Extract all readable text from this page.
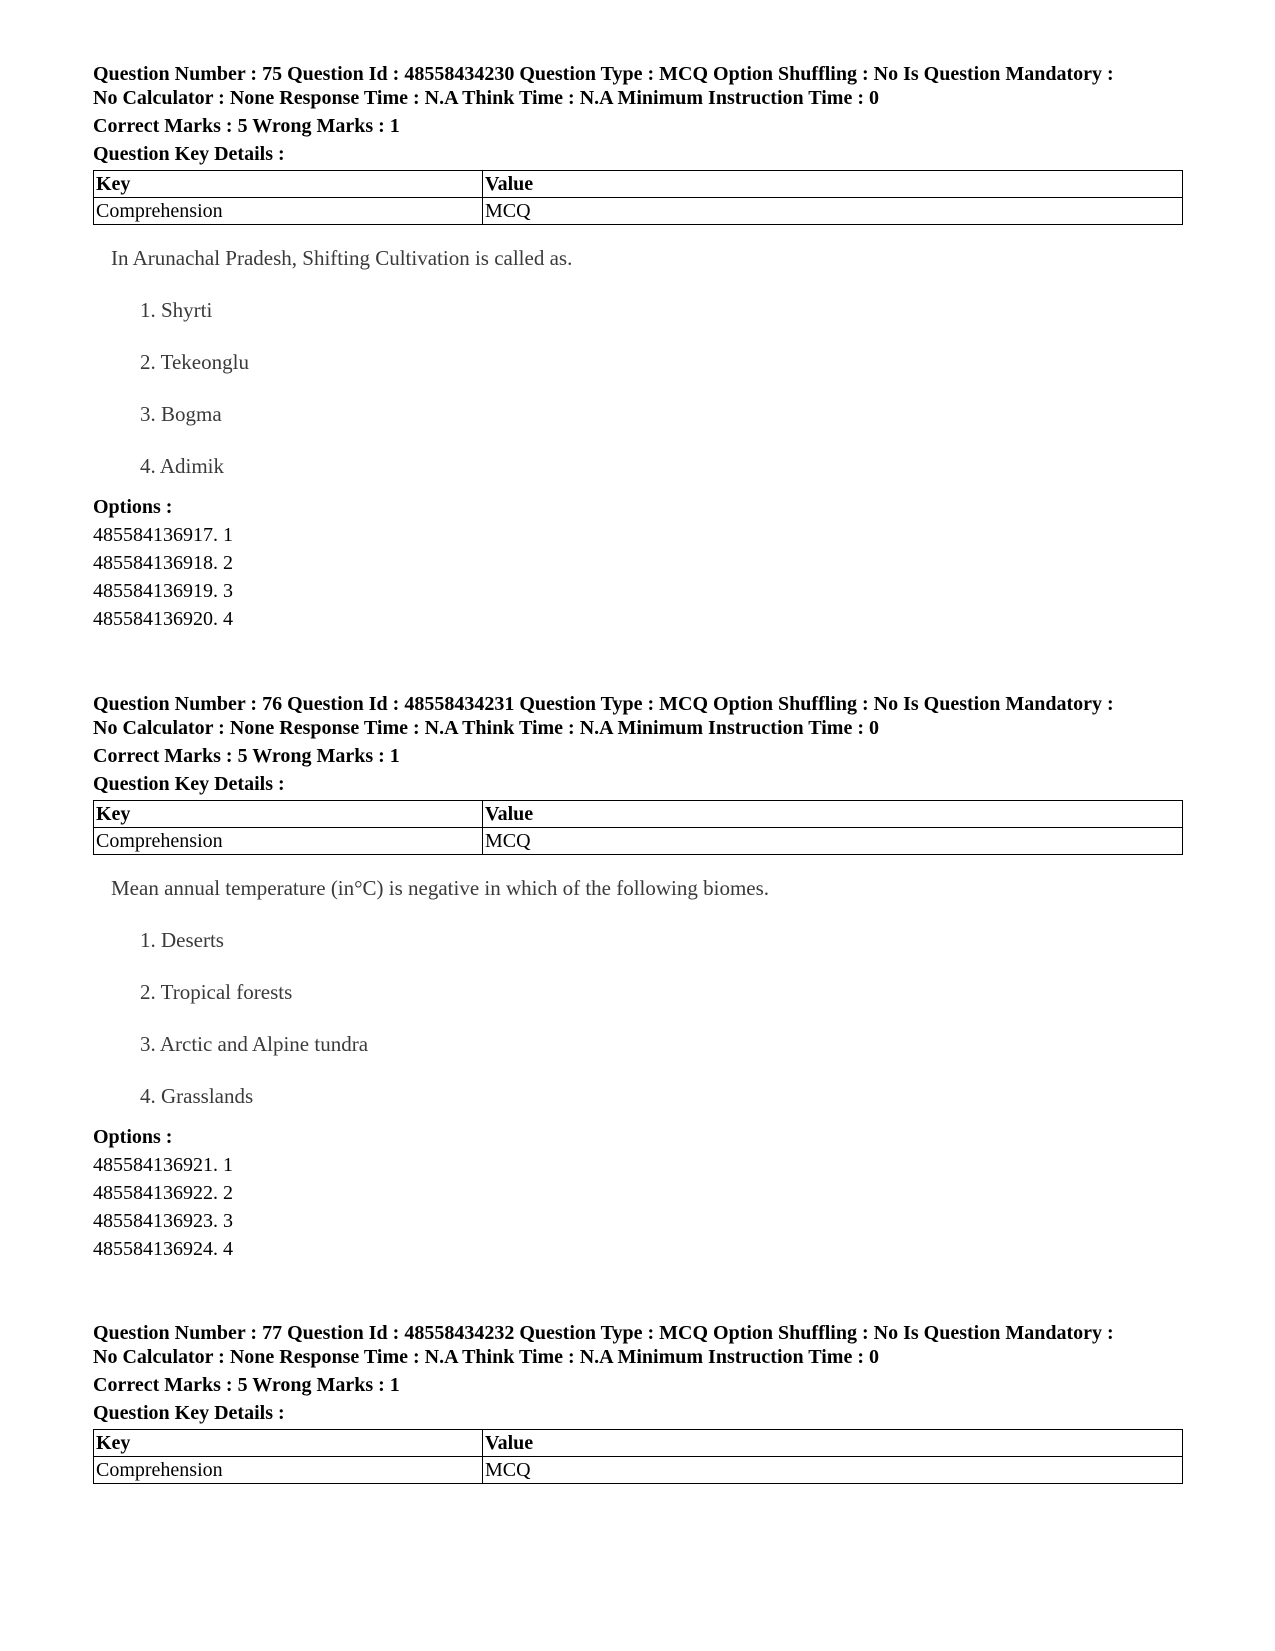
Question Number : 75 Question Id : 48558434230 Question Type : MCQ Option Shuffling : No Is Question Mandatory :

No Calculator : None Response Time : N.A Think Time : N.A Minimum Instruction Time : 0

Correct Marks : 5 Wrong Marks : 1
Question Key Details :
Key	Value
Comprehension	MCQ
In Arunachal Pradesh, Shifting Cultivation is called as.
1. Shyrti
2. Tekeonglu
3. Bogma
4. Adimik
Options :
485584136917. 1
485584136918. 2
485584136919. 3
485584136920. 4

Question Number : 76 Question Id : 48558434231 Question Type : MCQ Option Shuffling : No Is Question Mandatory :

No Calculator : None Response Time : N.A Think Time : N.A Minimum Instruction Time : 0

Correct Marks : 5 Wrong Marks : 1
Question Key Details :
Key	Value
Comprehension	MCQ
Mean annual temperature (in°C) is negative in which of the following biomes.
1. Deserts
2. Tropical forests
3. Arctic and Alpine tundra
4. Grasslands
Options :
485584136921. 1
485584136922. 2
485584136923. 3
485584136924. 4

Question Number : 77 Question Id : 48558434232 Question Type : MCQ Option Shuffling : No Is Question Mandatory :

No Calculator : None Response Time : N.A Think Time : N.A Minimum Instruction Time : 0

Correct Marks : 5 Wrong Marks : 1
Question Key Details :
Key	Value
Comprehension	MCQ
